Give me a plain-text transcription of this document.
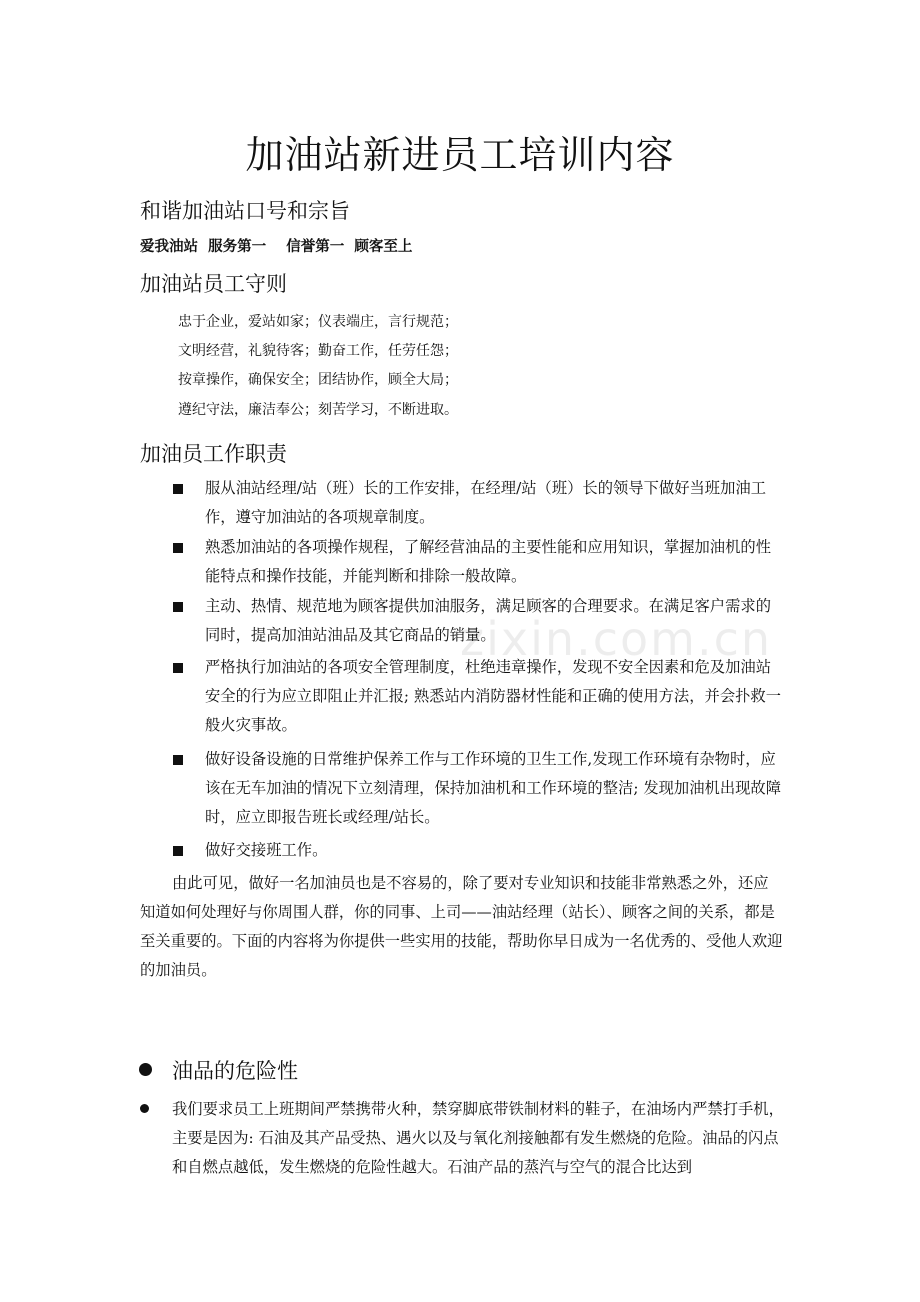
加油站新进员工培训内容
和谐加油站口号和宗旨
爱我油站  服务第一    信誉第一  顾客至上
加油站员工守则
忠于企业，爱站如家；仪表端庄，言行规范；
文明经营，礼貌待客；勤奋工作，任劳任怨；
按章操作，确保安全；团结协作，顾全大局；
遵纪守法，廉洁奉公；刻苦学习，不断进取。
加油员工作职责
服从油站经理/站（班）长的工作安排，在经理/站（班）长的领导下做好当班加油工作，遵守加油站的各项规章制度。
熟悉加油站的各项操作规程，了解经营油品的主要性能和应用知识，掌握加油机的性能特点和操作技能，并能判断和排除一般故障。
主动、热情、规范地为顾客提供加油服务，满足顾客的合理要求。在满足客户需求的同时，提高加油站油品及其它商品的销量。
严格执行加油站的各项安全管理制度，杜绝违章操作，发现不安全因素和危及加油站安全的行为应立即阻止并汇报; 熟悉站内消防器材性能和正确的使用方法，并会扑救一般火灾事故。
做好设备设施的日常维护保养工作与工作环境的卫生工作,发现工作环境有杂物时，应该在无车加油的情况下立刻清理，保持加油机和工作环境的整洁; 发现加油机出现故障时，应立即报告班长或经理/站长。
做好交接班工作。
由此可见，做好一名加油员也是不容易的，除了要对专业知识和技能非常熟悉之外，还应知道如何处理好与你周围人群，你的同事、上司——油站经理（站长）、顾客之间的关系，都是至关重要的。下面的内容将为你提供一些实用的技能，帮助你早日成为一名优秀的、受他人欢迎的加油员。
油品的危险性
我们要求员工上班期间严禁携带火种，禁穿脚底带铁制材料的鞋子，在油场内严禁打手机，主要是因为: 石油及其产品受热、遇火以及与氧化剂接触都有发生燃烧的危险。油品的闪点和自燃点越低，发生燃烧的危险性越大。石油产品的蒸汽与空气的混合比达到
zixin.com.cn
